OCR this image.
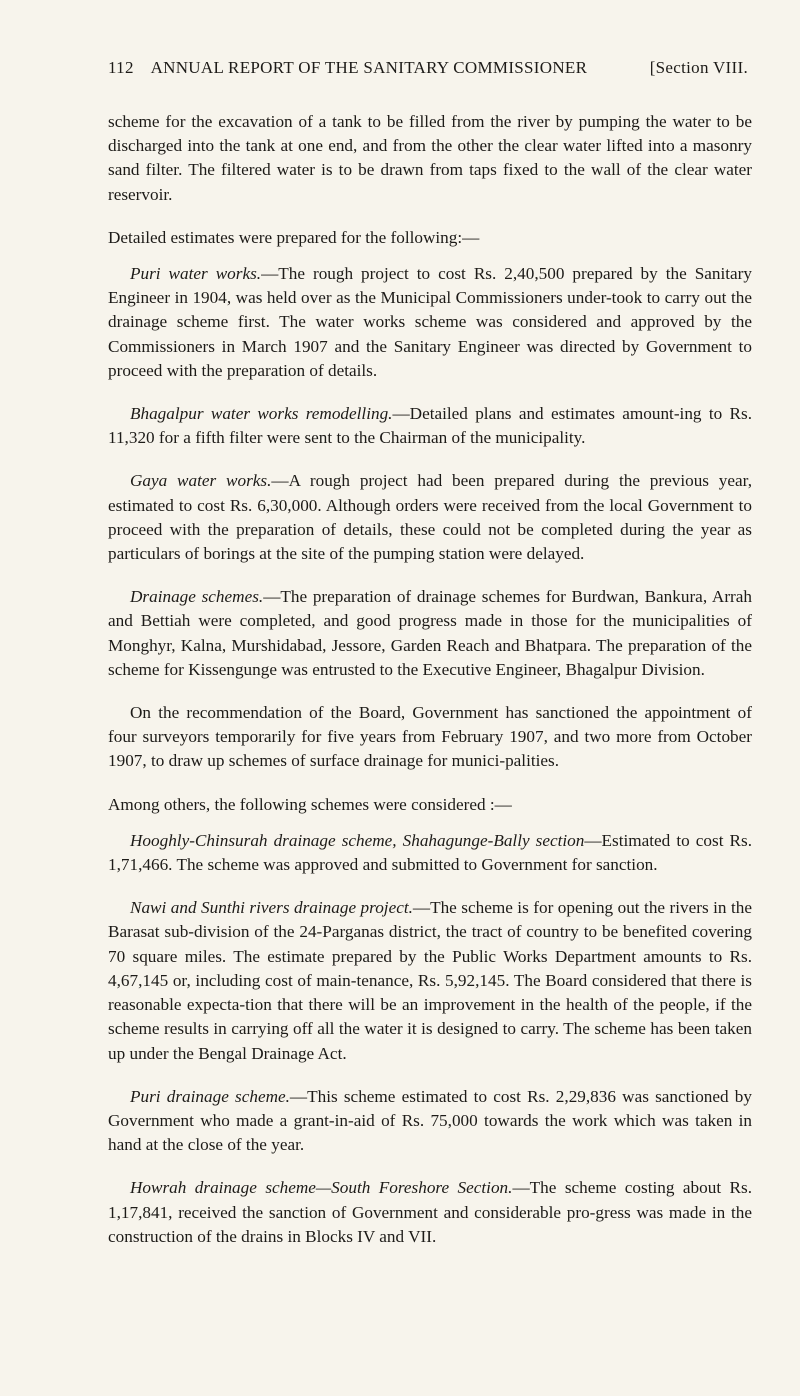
112 ANNUAL REPORT OF THE SANITARY COMMISSIONER	[Section VIII.

scheme for the excavation of a tank to be filled from the river by pumping the water to be discharged into the tank at one end, and from the other the clear water lifted into a masonry sand filter. The filtered water is to be drawn from taps fixed to the wall of the clear water reservoir.

Detailed estimates were prepared for the following:—

Puri water works.—The rough project to cost Rs. 2,40,500 prepared by the Sanitary Engineer in 1904, was held over as the Municipal Commissioners under-took to carry out the drainage scheme first. The water works scheme was considered and approved by the Commissioners in March 1907 and the Sanitary Engineer was directed by Government to proceed with the preparation of details.

Bhagalpur water works remodelling.—Detailed plans and estimates amount-ing to Rs. 11,320 for a fifth filter were sent to the Chairman of the municipality.

Gaya water works.—A rough project had been prepared during the previous year, estimated to cost Rs. 6,30,000. Although orders were received from the local Government to proceed with the preparation of details, these could not be completed during the year as particulars of borings at the site of the pumping station were delayed.

Drainage schemes.—The preparation of drainage schemes for Burdwan, Bankura, Arrah and Bettiah were completed, and good progress made in those for the municipalities of Monghyr, Kalna, Murshidabad, Jessore, Garden Reach and Bhatpara. The preparation of the scheme for Kissengunge was entrusted to the Executive Engineer, Bhagalpur Division.

On the recommendation of the Board, Government has sanctioned the appointment of four surveyors temporarily for five years from February 1907, and two more from October 1907, to draw up schemes of surface drainage for munici-palities.

Among others, the following schemes were considered :—

Hooghly-Chinsurah drainage scheme, Shahagunge-Bally section—Estimated to cost Rs. 1,71,466. The scheme was approved and submitted to Government for sanction.

Nawi and Sunthi rivers drainage project.—The scheme is for opening out the rivers in the Barasat sub-division of the 24-Parganas district, the tract of country to be benefited covering 70 square miles. The estimate prepared by the Public Works Department amounts to Rs. 4,67,145 or, including cost of main-tenance, Rs. 5,92,145. The Board considered that there is reasonable expecta-tion that there will be an improvement in the health of the people, if the scheme results in carrying off all the water it is designed to carry. The scheme has been taken up under the Bengal Drainage Act.

Puri drainage scheme.—This scheme estimated to cost Rs. 2,29,836 was sanctioned by Government who made a grant-in-aid of Rs. 75,000 towards the work which was taken in hand at the close of the year.

Howrah drainage scheme—South Foreshore Section.—The scheme costing about Rs. 1,17,841, received the sanction of Government and considerable pro-gress was made in the construction of the drains in Blocks IV and VII.
